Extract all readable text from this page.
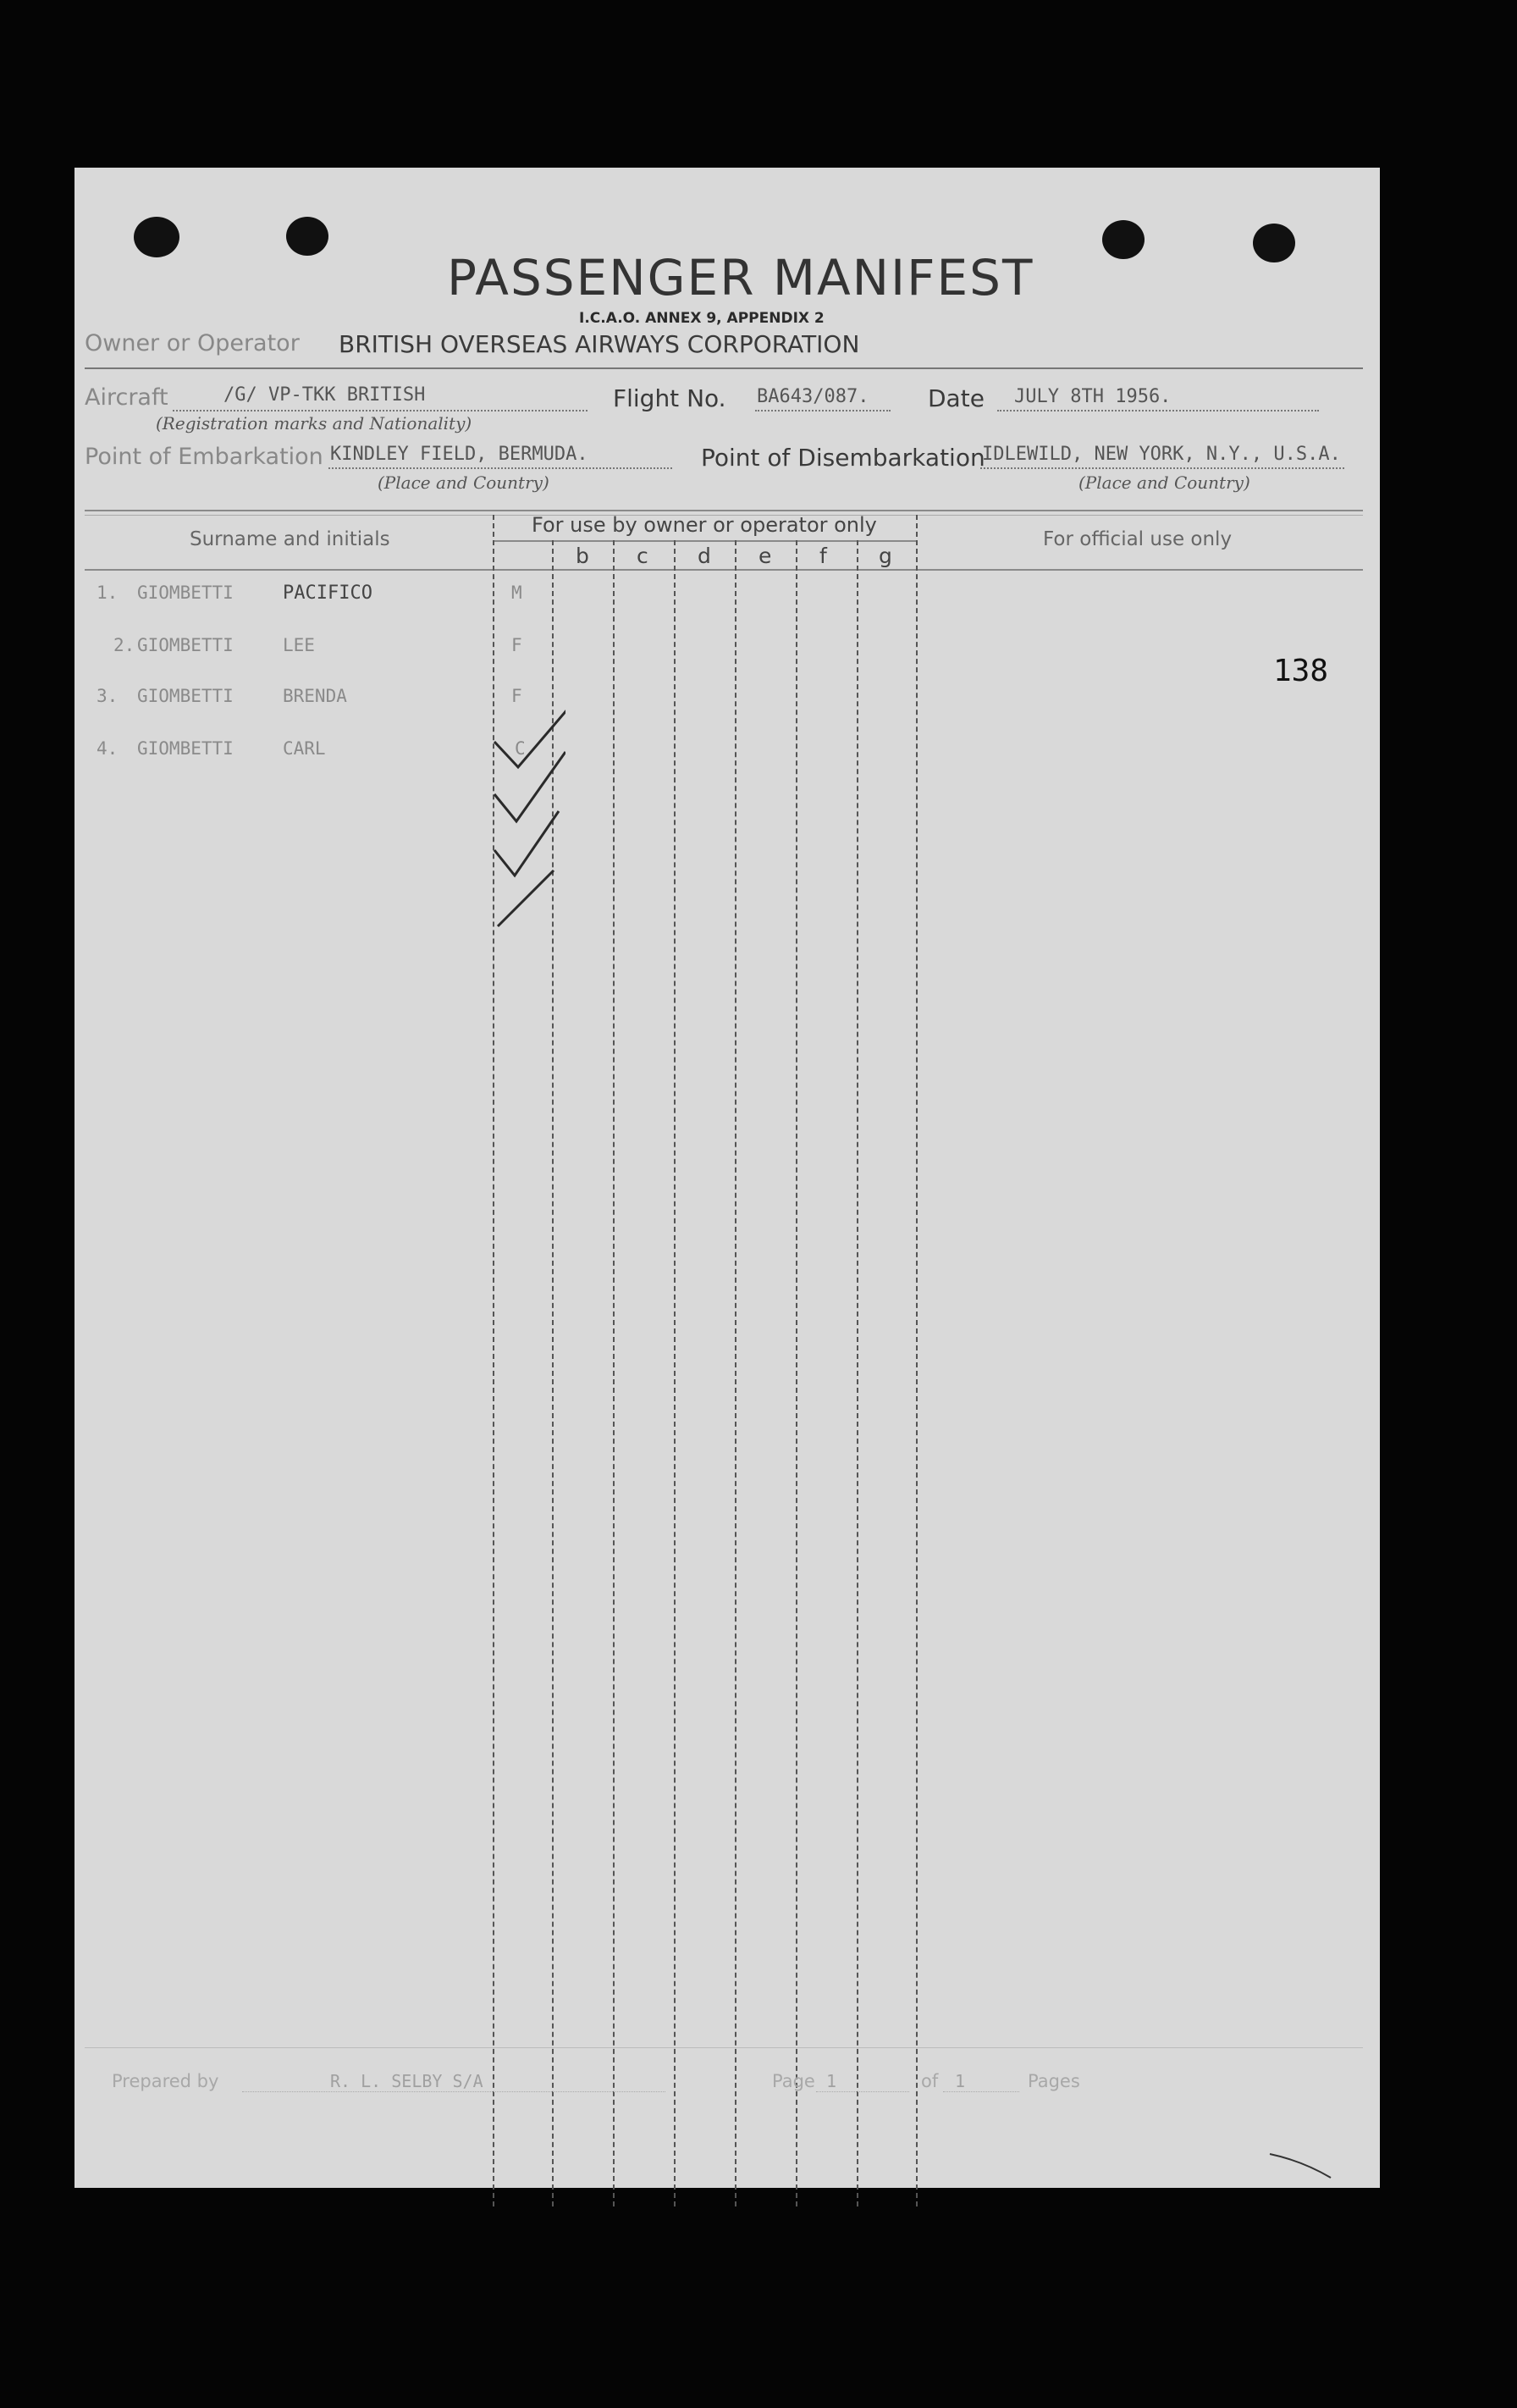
PASSENGER MANIFEST
I.C.A.O. ANNEX 9, APPENDIX 2
Owner or Operator BRITISH OVERSEAS AIRWAYS CORPORATION
Aircraft	/G/ VP-TKK BRITISH
(Registration marks and Nationality)
Flight No. BA643/087. Date JULY 8TH 1956.
Point of Embarkation KINDLEY FIELD, BERMUDA.
(Place and Country)
Point of Disembarkation
IDLEWILD, NEW YORK, N.Y., U.S.A.
(Place and Country)
Surname and initials
For use by owner or operator only
For official use only
b c d e f g
1. GIOMBETTI	PACIFICO	M
2. GIOMBETTI	LEE	F
3. GIOMBETTI	BRENDA	F
4. GIOMBETTI	CARL	C
138
Prepared by	R. L. SELBY S/A	Page 1	of 1	Pages
